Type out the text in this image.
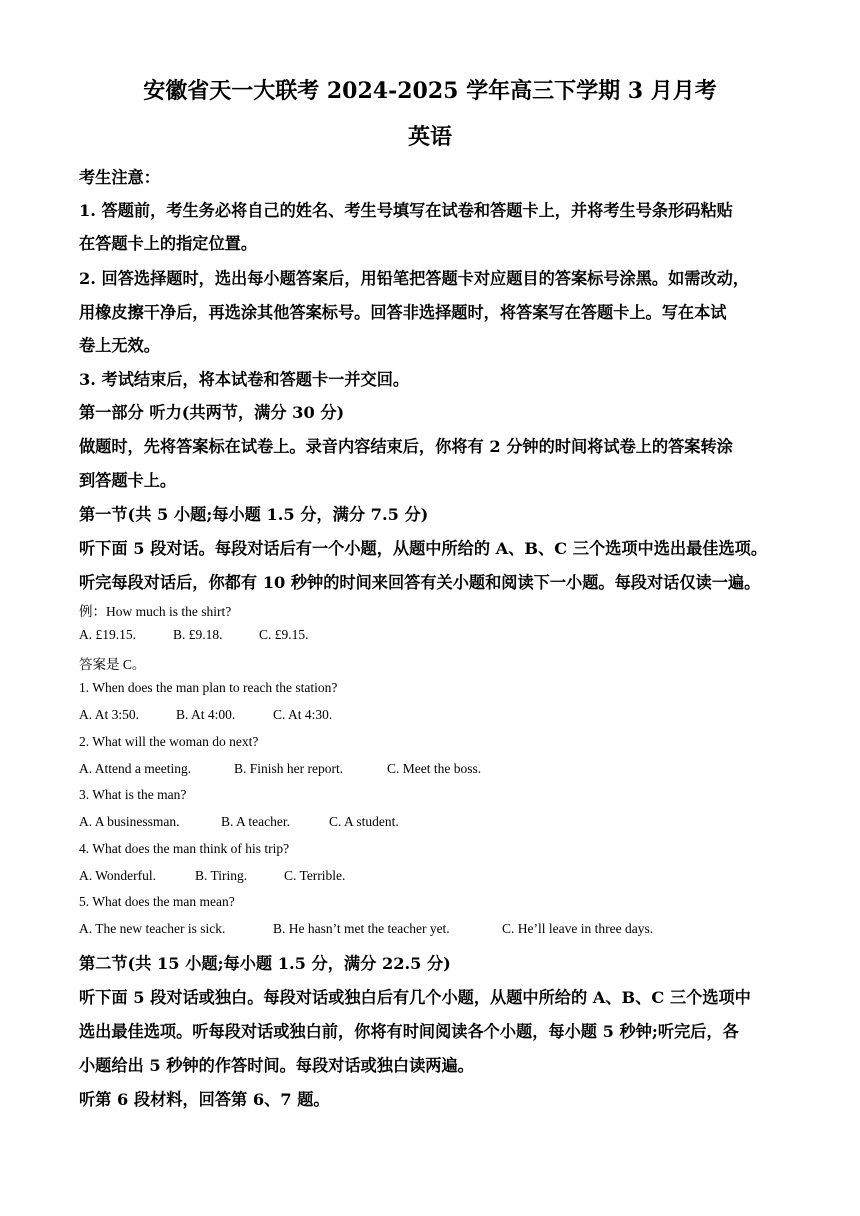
安徽省天一大联考 2024-2025 学年高三下学期 3 月月考
英语
考生注意：
1. 答题前，考生务必将自己的姓名、考生号填写在试卷和答题卡上，并将考生号条形码粘贴
在答题卡上的指定位置。
2. 回答选择题时，选出每小题答案后，用铅笔把答题卡对应题目的答案标号涂黑。如需改动，
用橡皮擦干净后，再选涂其他答案标号。回答非选择题时，将答案写在答题卡上。写在本试
卷上无效。
3. 考试结束后，将本试卷和答题卡一并交回。
第一部分 听力(共两节，满分 30 分)
做题时，先将答案标在试卷上。录音内容结束后，你将有 2 分钟的时间将试卷上的答案转涂
到答题卡上。
第一节(共 5 小题;每小题 1.5 分，满分 7.5 分)
听下面 5 段对话。每段对话后有一个小题，从题中所给的 A、B、C 三个选项中选出最佳选项。
听完每段对话后，你都有 10 秒钟的时间来回答有关小题和阅读下一小题。每段对话仅读一遍。
例：How much is the shirt?
A. £19.15.	B. £9.18.	C. £9.15.
答案是 C。
1. When does the man plan to reach the station?
A. At 3:50.	B. At 4:00.	C. At 4:30.
2. What will the woman do next?
A. Attend a meeting.	B. Finish her report.	C. Meet the boss.
3. What is the man?
A. A businessman.	B. A teacher.	C. A student.
4. What does the man think of his trip?
A. Wonderful.	B. Tiring.	C. Terrible.
5. What does the man mean?
A. The new teacher is sick.	B. He hasn’t met the teacher yet.	C. He’ll leave in three days.
第二节(共 15 小题;每小题 1.5 分，满分 22.5 分)
听下面 5 段对话或独白。每段对话或独白后有几个小题，从题中所给的 A、B、C 三个选项中
选出最佳选项。听每段对话或独白前，你将有时间阅读各个小题，每小题 5 秒钟;听完后，各
小题给出 5 秒钟的作答时间。每段对话或独白读两遍。
听第 6 段材料，回答第 6、7 题。
